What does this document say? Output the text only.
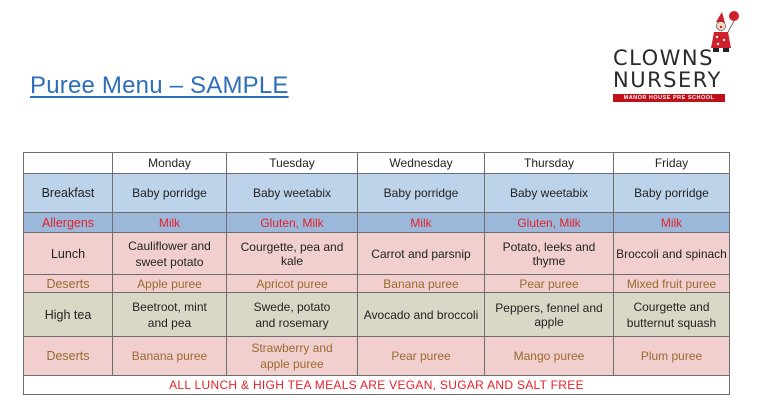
Puree Menu – SAMPLE
CLOWNS
NURSERY
MANOR HOUSE PRE SCHOOL
	Monday	Tuesday	Wednesday	Thursday	Friday
Breakfast	Baby porridge	Baby weetabix	Baby porridge	Baby weetabix	Baby porridge
Allergens	Milk	Gluten, Milk	Milk	Gluten, Milk	Milk
Lunch	Cauliflower and sweet potato	Courgette, pea and kale	Carrot and parsnip	Potato, leeks and thyme	Broccoli and spinach
Deserts	Apple puree	Apricot puree	Banana puree	Pear puree	Mixed fruit puree
High tea	Beetroot, mint and pea	Swede, potato and rosemary	Avocado and broccoli	Peppers, fennel and apple	Courgette and butternut squash

Deserts	Banana puree	Strawberry and apple puree	Pear puree	Mango puree	Plum puree
ALL LUNCH & HIGH TEA MEALS ARE VEGAN, SUGAR AND SALT FREE					
